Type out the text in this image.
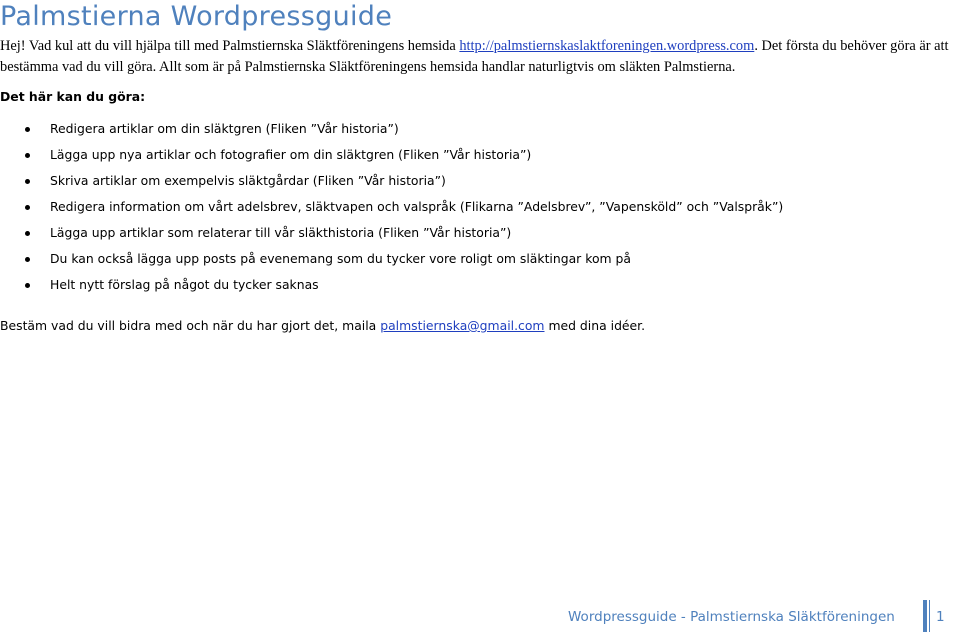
Palmstierna Wordpressguide
Hej! Vad kul att du vill hjälpa till med Palmstiernska Släktföreningens hemsida http://palmstiernskaslaktforeningen.wordpress.com. Det första du behöver göra är att bestämma vad du vill göra. Allt som är på Palmstiernska Släktföreningens hemsida handlar naturligtvis om släkten Palmstierna.
Det här kan du göra:
Redigera artiklar om din släktgren (Fliken ”Vår historia”)
Lägga upp nya artiklar och fotografier om din släktgren (Fliken ”Vår historia”)
Skriva artiklar om exempelvis släktgårdar (Fliken ”Vår historia”)
Redigera information om vårt adelsbrev, släktvapen och valspråk (Flikarna ”Adelsbrev”, ”Vapensköld” och ”Valspråk”)
Lägga upp artiklar som relaterar till vår släkthistoria (Fliken ”Vår historia”)
Du kan också lägga upp posts på evenemang som du tycker vore roligt om släktingar kom på
Helt nytt förslag på något du tycker saknas
Bestäm vad du vill bidra med och när du har gjort det, maila palmstiernska@gmail.com med dina idéer.
Wordpressguide - Palmstiernska Släktföreningen	1
